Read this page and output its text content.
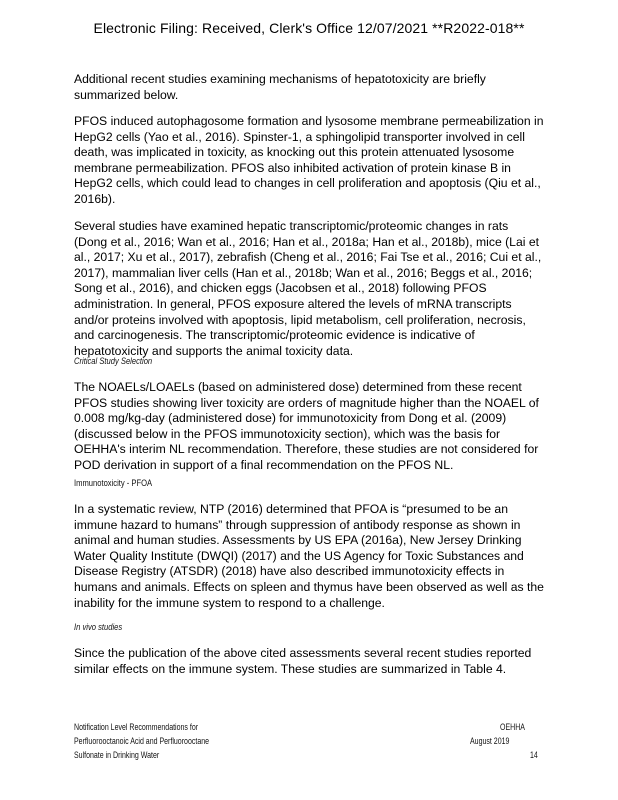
Electronic Filing: Received, Clerk's Office 12/07/2021 **R2022-018**

Additional recent studies examining mechanisms of hepatotoxicity are briefly summarized below.

PFOS induced autophagosome formation and lysosome membrane permeabilization in HepG2 cells (Yao et al., 2016). Spinster-1, a sphingolipid transporter involved in cell death, was implicated in toxicity, as knocking out this protein attenuated lysosome membrane permeabilization. PFOS also inhibited activation of protein kinase B in HepG2 cells, which could lead to changes in cell proliferation and apoptosis (Qiu et al., 2016b).

Several studies have examined hepatic transcriptomic/proteomic changes in rats (Dong et al., 2016; Wan et al., 2016; Han et al., 2018a; Han et al., 2018b), mice (Lai et al., 2017; Xu et al., 2017), zebrafish (Cheng et al., 2016; Fai Tse et al., 2016; Cui et al., 2017), mammalian liver cells (Han et al., 2018b; Wan et al., 2016; Beggs et al., 2016; Song et al., 2016), and chicken eggs (Jacobsen et al., 2018) following PFOS administration. In general, PFOS exposure altered the levels of mRNA transcripts and/or proteins involved with apoptosis, lipid metabolism, cell proliferation, necrosis, and carcinogenesis. The transcriptomic/proteomic evidence is indicative of hepatotoxicity and supports the animal toxicity data.

Critical Study Selection

The NOAELs/LOAELs (based on administered dose) determined from these recent PFOS studies showing liver toxicity are orders of magnitude higher than the NOAEL of 0.008 mg/kg-day (administered dose) for immunotoxicity from Dong et al. (2009) (discussed below in the PFOS immunotoxicity section), which was the basis for OEHHA's interim NL recommendation. Therefore, these studies are not considered for POD derivation in support of a final recommendation on the PFOS NL.

Immunotoxicity - PFOA

In a systematic review, NTP (2016) determined that PFOA is “presumed to be an immune hazard to humans” through suppression of antibody response as shown in animal and human studies. Assessments by US EPA (2016a), New Jersey Drinking Water Quality Institute (DWQI) (2017) and the US Agency for Toxic Substances and Disease Registry (ATSDR) (2018) have also described immunotoxicity effects in humans and animals. Effects on spleen and thymus have been observed as well as the inability for the immune system to respond to a challenge.

In vivo studies

Since the publication of the above cited assessments several recent studies reported similar effects on the immune system. These studies are summarized in Table 4.

Notification Level Recommendations for
Perfluorooctanoic Acid and Perfluorooctane
Sulfonate in Drinking Water
OEHHA
August 2019
14
